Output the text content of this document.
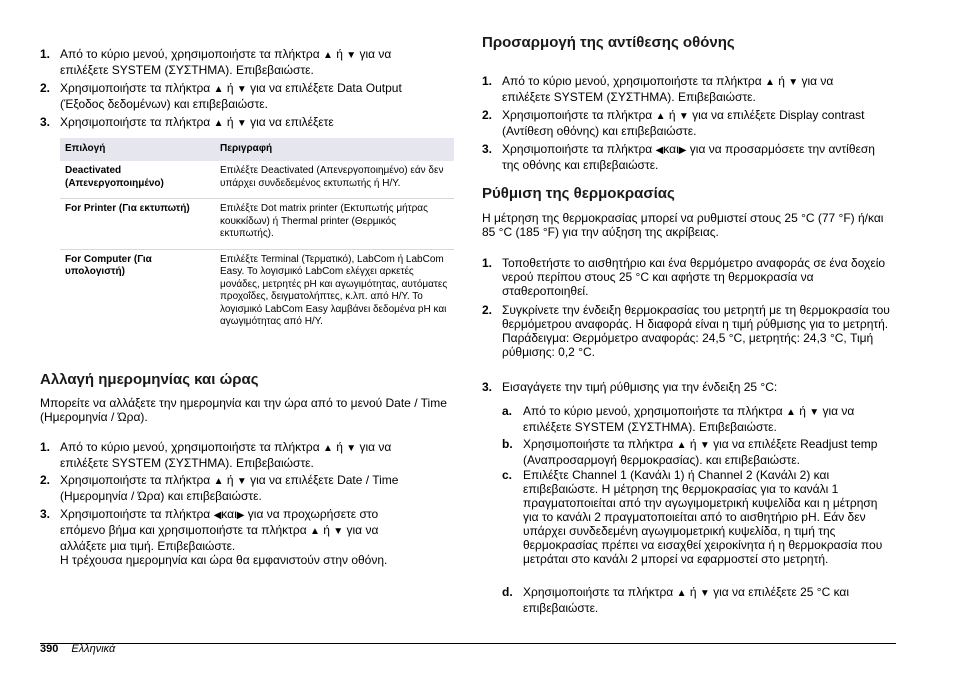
1. Από το κύριο μενού, χρησιμοποιήστε τα πλήκτρα ▲ ή ▼ για να επιλέξετε SYSTEM (ΣΥΣΤΗΜΑ). Επιβεβαιώστε.
2. Χρησιμοποιήστε τα πλήκτρα ▲ ή ▼ για να επιλέξετε Data Output (Έξοδος δεδομένων) και επιβεβαιώστε.
3. Χρησιμοποιήστε τα πλήκτρα ▲ ή ▼ για να επιλέξετε
Επιλογή	Περιγραφή
Deactivated (Απενεργοποιημένο)	Επιλέξτε Deactivated (Απενεργοποιημένο) εάν δεν υπάρχει συνδεδεμένος εκτυπωτής ή Η/Υ.
For Printer (Για εκτυπωτή)	Επιλέξτε Dot matrix printer (Εκτυπωτής μήτρας κουκκίδων) ή Thermal printer (Θερμικός εκτυπωτής).
For Computer (Για υπολογιστή)	Επιλέξτε Terminal (Τερματικό), LabCom ή LabCom Easy. Το λογισμικό LabCom ελέγχει αρκετές μονάδες, μετρητές pH και αγωγιμότητας, αυτόματες προχοΐδες, δειγματολήπτες, κ.λπ. από Η/Υ. Το λογισμικό LabCom Easy λαμβάνει δεδομένα pH και αγωγιμότητας από Η/Υ.
Αλλαγή ημερομηνίας και ώρας
Μπορείτε να αλλάξετε την ημερομηνία και την ώρα από το μενού Date / Time (Ημερομηνία / Ώρα).
1. Από το κύριο μενού, χρησιμοποιήστε τα πλήκτρα ▲ ή ▼ για να επιλέξετε SYSTEM (ΣΥΣΤΗΜΑ). Επιβεβαιώστε.
2. Χρησιμοποιήστε τα πλήκτρα ▲ ή ▼ για να επιλέξετε Date / Time (Ημερομηνία / Ώρα) και επιβεβαιώστε.
3. Χρησιμοποιήστε τα πλήκτρα ◀και▶ για να προχωρήσετε στο επόμενο βήμα και χρησιμοποιήστε τα πλήκτρα ▲ ή ▼ για να αλλάξετε μια τιμή. Επιβεβαιώστε.
Η τρέχουσα ημερομηνία και ώρα θα εμφανιστούν στην οθόνη.
Προσαρμογή της αντίθεσης οθόνης
1. Από το κύριο μενού, χρησιμοποιήστε τα πλήκτρα ▲ ή ▼ για να επιλέξετε SYSTEM (ΣΥΣΤΗΜΑ). Επιβεβαιώστε.
2. Χρησιμοποιήστε τα πλήκτρα ▲ ή ▼ για να επιλέξετε Display contrast (Αντίθεση οθόνης) και επιβεβαιώστε.
3. Χρησιμοποιήστε τα πλήκτρα ◀και▶ για να προσαρμόσετε την αντίθεση της οθόνης και επιβεβαιώστε.
Ρύθμιση της θερμοκρασίας
Η μέτρηση της θερμοκρασίας μπορεί να ρυθμιστεί στους 25 °C (77 °F) ή/και 85 °C (185 °F) για την αύξηση της ακρίβειας.
1. Τοποθετήστε το αισθητήριο και ένα θερμόμετρο αναφοράς σε ένα δοχείο νερού περίπου στους 25 °C και αφήστε τη θερμοκρασία να σταθεροποιηθεί.
2. Συγκρίνετε την ένδειξη θερμοκρασίας του μετρητή με τη θερμοκρασία του θερμόμετρου αναφοράς. Η διαφορά είναι η τιμή ρύθμισης για το μετρητή.
Παράδειγμα: Θερμόμετρο αναφοράς: 24,5 °C, μετρητής: 24,3 °C, Τιμή ρύθμισης: 0,2 °C.
3. Εισαγάγετε την τιμή ρύθμισης για την ένδειξη 25 °C:
a. Από το κύριο μενού, χρησιμοποιήστε τα πλήκτρα ▲ ή ▼ για να επιλέξετε SYSTEM (ΣΥΣΤΗΜΑ). Επιβεβαιώστε.
b. Χρησιμοποιήστε τα πλήκτρα ▲ ή ▼ για να επιλέξετε Readjust temp (Αναπροσαρμογή θερμοκρασίας). και επιβεβαιώστε.
c. Επιλέξτε Channel 1 (Κανάλι 1) ή Channel 2 (Κανάλι 2) και επιβεβαιώστε. Η μέτρηση της θερμοκρασίας για το κανάλι 1 πραγματοποιείται από την αγωγιμομετρική κυψελίδα και η μέτρηση για το κανάλι 2 πραγματοποιείται από το αισθητήριο pH. Εάν δεν υπάρχει συνδεδεμένη αγωγιμομετρική κυψελίδα, η τιμή της θερμοκρασίας πρέπει να εισαχθεί χειροκίνητα ή η θερμοκρασία που μετράται στο κανάλι 2 μπορεί να εφαρμοστεί στο μετρητή.
d. Χρησιμοποιήστε τα πλήκτρα ▲ ή ▼ για να επιλέξετε 25 °C και επιβεβαιώστε.
390 Ελληνικά
